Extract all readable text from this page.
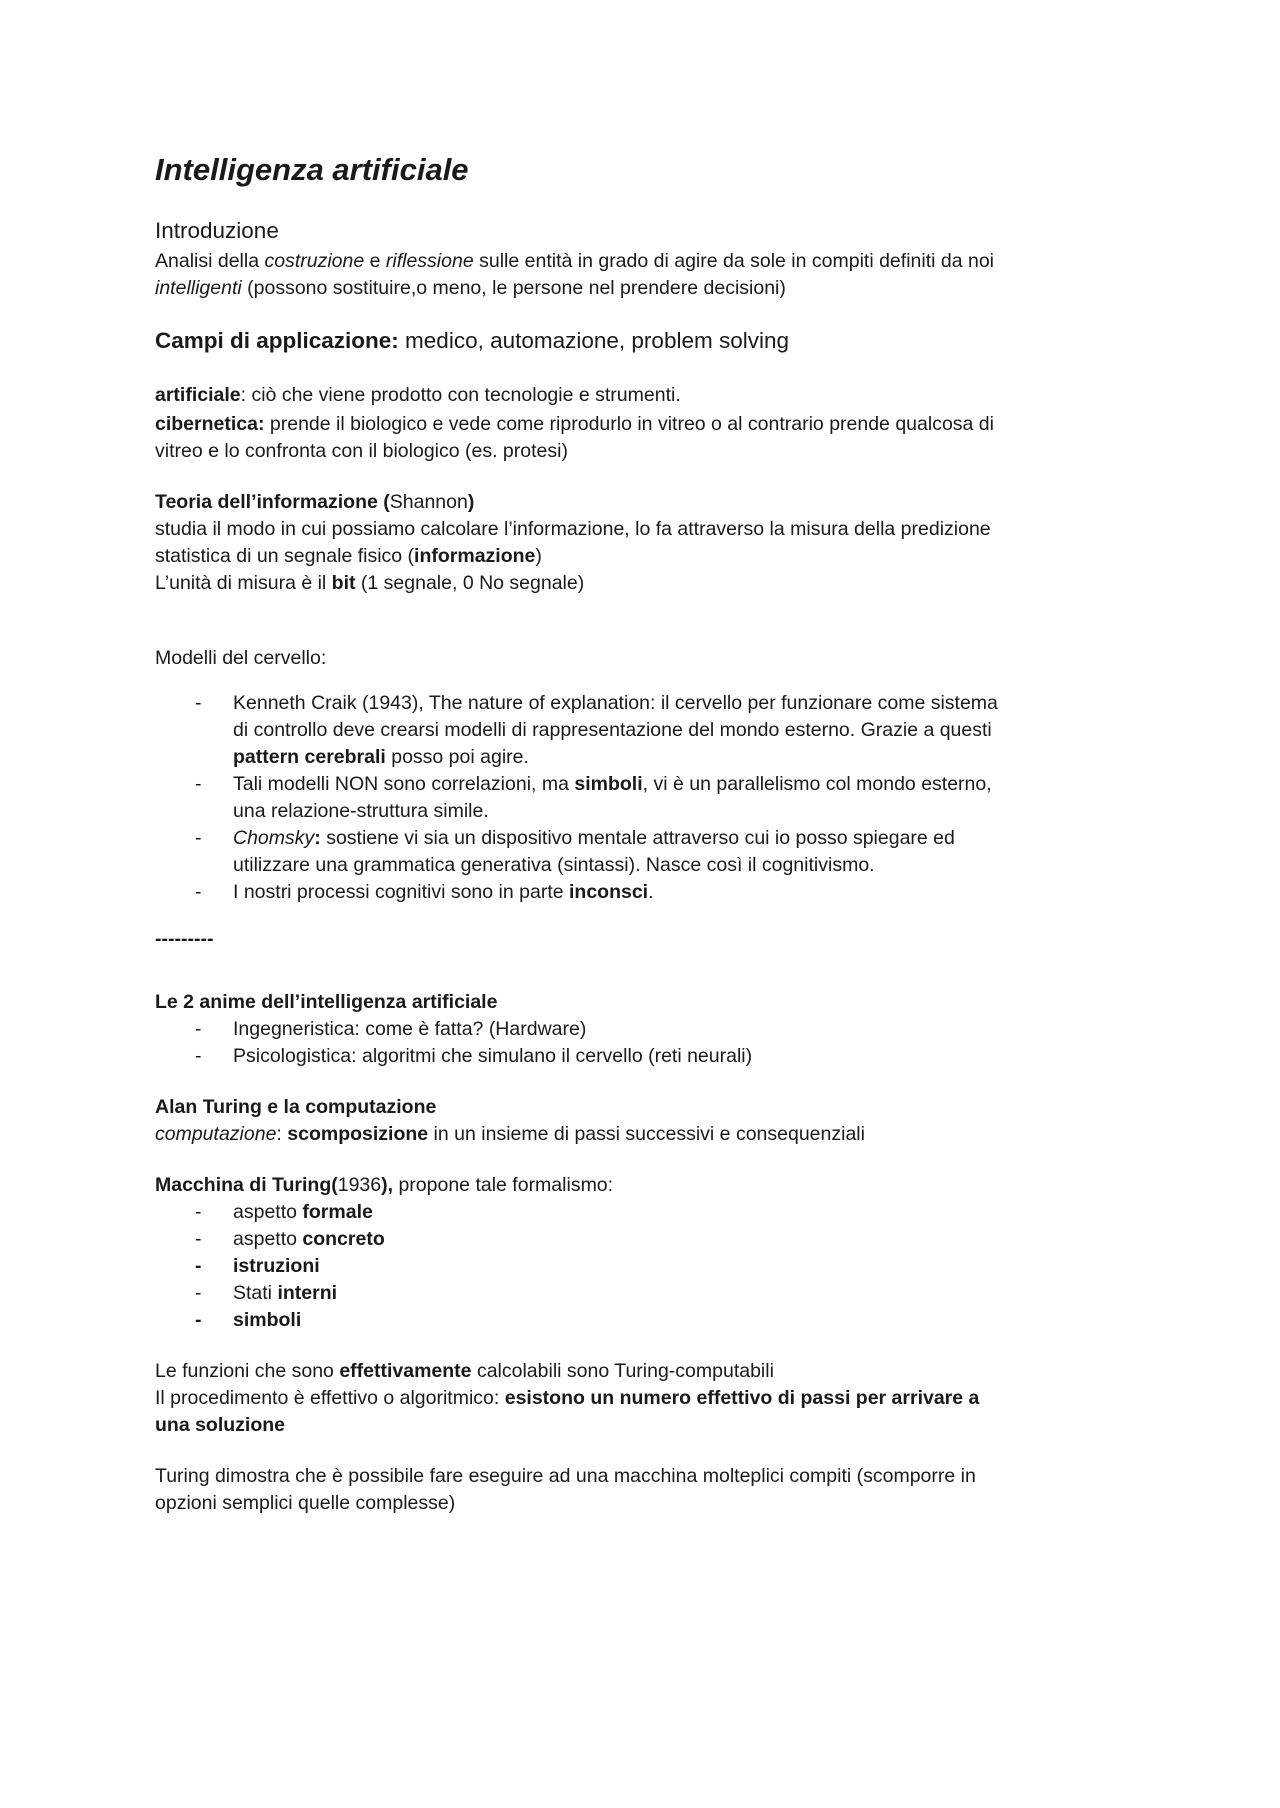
Intelligenza artificiale
Introduzione

Analisi della costruzione e riflessione sulle entità in grado di agire da sole in compiti definiti da noi
intelligenti (possono sostituire,o meno, le persone nel prendere decisioni)

Campi di applicazione: medico, automazione, problem solving

artificiale: ciò che viene prodotto con tecnologie e strumenti.

cibernetica: prende il biologico e vede come riprodurlo in vitreo o al contrario prende qualcosa di
vitreo e lo confronta con il biologico (es. protesi)

Teoria dell’informazione (Shannon)

studia il modo in cui possiamo calcolare l’informazione, lo fa attraverso la misura della predizione
statistica di un segnale fisico (informazione)
L’unità di misura è il bit (1 segnale, 0 No segnale)

Modelli del cervello:

- Kenneth Craik (1943), The nature of explanation: il cervello per funzionare come sistema
di controllo deve crearsi modelli di rappresentazione del mondo esterno. Grazie a questi
pattern cerebrali posso poi agire.
- Tali modelli NON sono correlazioni, ma simboli, vi è un parallelismo col mondo esterno,
una relazione-struttura simile.
- Chomsky: sostiene vi sia un dispositivo mentale attraverso cui io posso spiegare ed
utilizzare una grammatica generativa (sintassi). Nasce così il cognitivismo.
- I nostri processi cognitivi sono in parte inconsci.

---------

Le 2 anime dell’intelligenza artificiale

- Ingegneristica: come è fatta? (Hardware)
- Psicologistica: algoritmi che simulano il cervello (reti neurali)

Alan Turing e la computazione

computazione: scomposizione in un insieme di passi successivi e consequenziali

Macchina di Turing(1936), propone tale formalismo:

- aspetto formale
- aspetto concreto
- istruzioni
- Stati interni
- simboli

Le funzioni che sono effettivamente calcolabili sono Turing-computabili

Il procedimento è effettivo o algoritmico: esistono un numero effettivo di passi per arrivare a
una soluzione

Turing dimostra che è possibile fare eseguire ad una macchina molteplici compiti (scomporre in
opzioni semplici quelle complesse)
